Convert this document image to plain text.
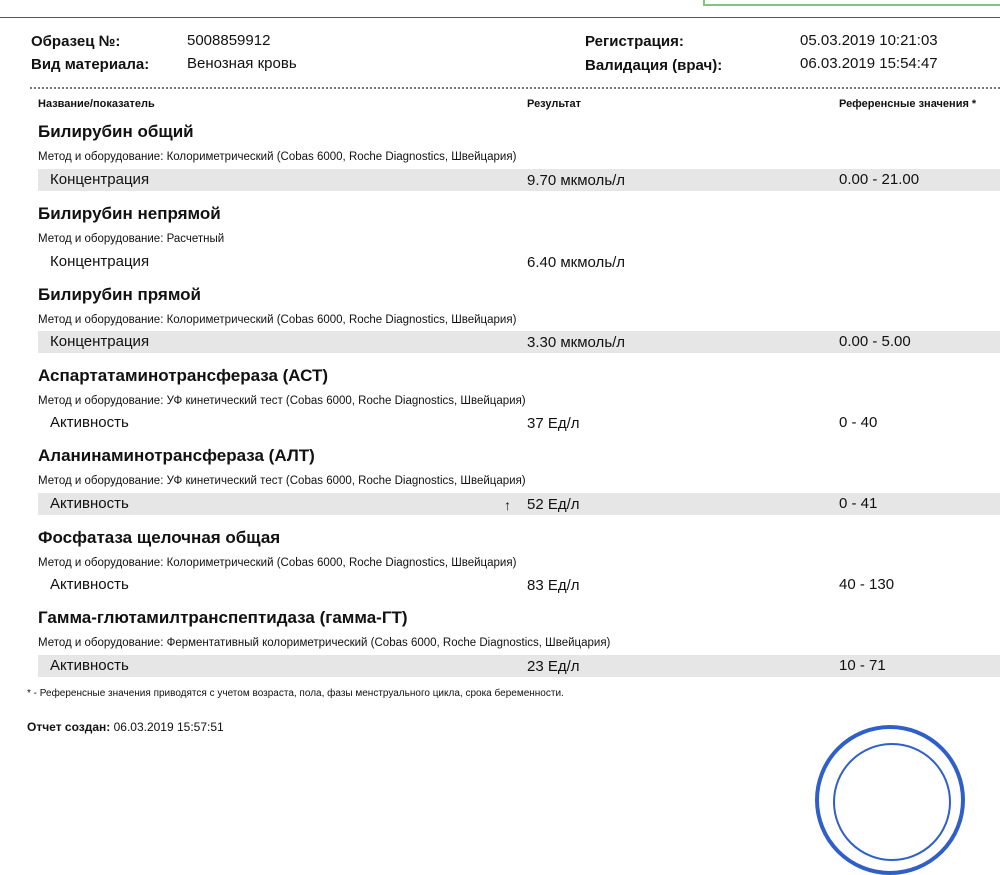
Образец №:	5008859912
Вид материала:	Венозная кровь
Регистрация:	05.03.2019 10:21:03
Валидация (врач):	06.03.2019 15:54:47
Название/показатель	Результат	Референсные значения *
Билирубин общий
Метод и оборудование: Колориметрический (Cobas 6000, Roche Diagnostics, Швейцария)
Концентрация	9.70 мкмоль/л	0.00 - 21.00
Билирубин непрямой
Метод и оборудование: Расчетный
Концентрация	6.40 мкмоль/л
Билирубин прямой
Метод и оборудование: Колориметрический (Cobas 6000, Roche Diagnostics, Швейцария)
Концентрация	3.30 мкмоль/л	0.00 - 5.00
Аспартатаминотрансфераза (АСТ)
Метод и оборудование: УФ кинетический тест (Cobas 6000, Roche Diagnostics, Швейцария)
Активность	37 Ед/л	0 - 40
Аланинаминотрансфераза (АЛТ)
Метод и оборудование: УФ кинетический тест (Cobas 6000, Roche Diagnostics, Швейцария)
Активность	↑ 52 Ед/л	0 - 41
Фосфатаза щелочная общая
Метод и оборудование: Колориметрический (Cobas 6000, Roche Diagnostics, Швейцария)
Активность	83 Ед/л	40 - 130
Гамма-глютамилтранспептидаза (гамма-ГТ)
Метод и оборудование: Ферментативный колориметрический (Cobas 6000, Roche Diagnostics, Швейцария)
Активность	23 Ед/л	10 - 71
* - Референсные значения приводятся с учетом возраста, пола, фазы менструального цикла, срока беременности.
Отчет создан: 06.03.2019 15:57:51
